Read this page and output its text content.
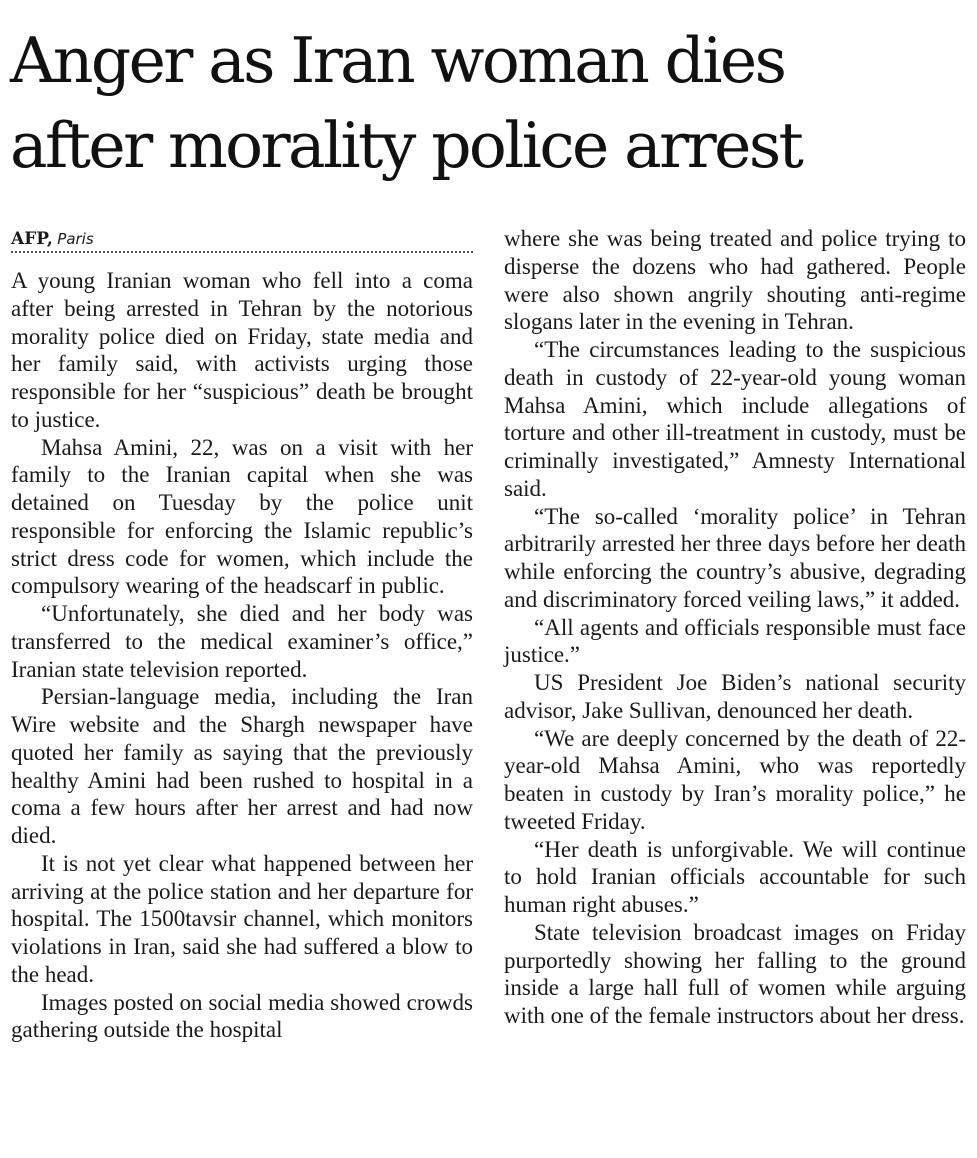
Anger as Iran woman dies
after morality police arrest
AFP, Paris

A young Iranian woman who fell into a coma after being arrested in Tehran by the notorious morality police died on Friday, state media and her family said, with activists urging those responsible for her “suspicious” death be brought to justice.

Mahsa Amini, 22, was on a visit with her family to the Iranian capital when she was detained on Tuesday by the police unit responsible for enforcing the Islamic republic’s strict dress code for women, which include the compulsory wearing of the headscarf in public.

“Unfortunately, she died and her body was transferred to the medical examiner’s office,” Iranian state television reported.

Persian-language media, including the Iran Wire website and the Shargh newspaper have quoted her family as saying that the previously healthy Amini had been rushed to hospital in a coma a few hours after her arrest and had now died.

It is not yet clear what happened between her arriving at the police station and her departure for hospital. The 1500tavsir channel, which monitors violations in Iran, said she had suffered a blow to the head.

Images posted on social media showed crowds gathering outside the hospital

where she was being treated and police trying to disperse the dozens who had gathered. People were also shown angrily shouting anti-regime slogans later in the evening in Tehran.

“The circumstances leading to the suspicious death in custody of 22-year-old young woman Mahsa Amini, which include allegations of torture and other ill-treatment in custody, must be criminally investigated,” Amnesty International said.

“The so-called ‘morality police’ in Tehran arbitrarily arrested her three days before her death while enforcing the country’s abusive, degrading and discriminatory forced veiling laws,” it added.

“All agents and officials responsible must face justice.”

US President Joe Biden’s national security advisor, Jake Sullivan, denounced her death.

“We are deeply concerned by the death of 22-year-old Mahsa Amini, who was reportedly beaten in custody by Iran’s morality police,” he tweeted Friday.

“Her death is unforgivable. We will continue to hold Iranian officials accountable for such human right abuses.”

State television broadcast images on Friday purportedly showing her falling to the ground inside a large hall full of women while arguing with one of the female instructors about her dress.
